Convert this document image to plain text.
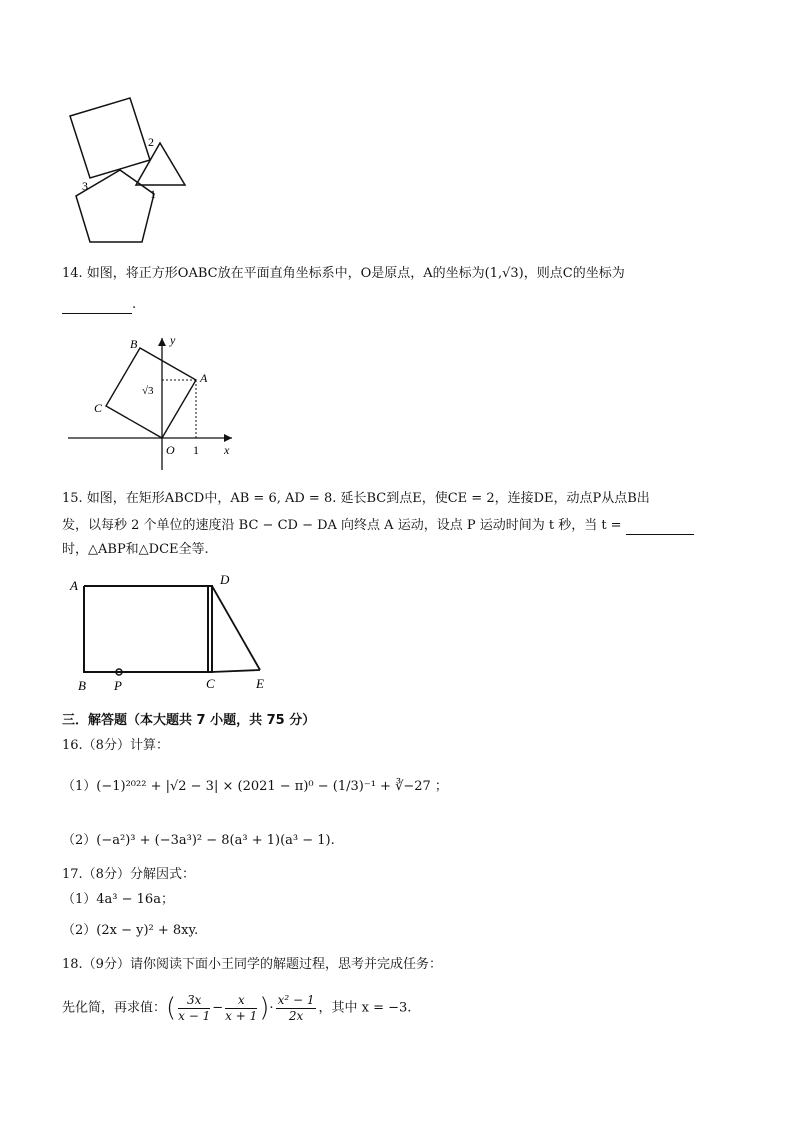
2
3
1
14. 如图，将正方形OABC放在平面直角坐标系中，O是原点，A的坐标为(1,√3)，则点C的坐标为
.
B	y
√3
A
C
O 1 x
15. 如图，在矩形ABCD中，AB = 6, AD = 8. 延长BC到点E，使CE = 2，连接DE，动点P从点B出
发，以每秒 2 个单位的速度沿 BC − CD − DA 向终点 A 运动，设点 P 运动时间为 t 秒，当 t =
时，△ABP和△DCE全等.
A	D
B P	C	E
三．解答题（本大题共 7 小题，共 75 分）
16.（8分）计算：
（1）(−1)²⁰²² + |√2 − 3| × (2021 − π)⁰ − (1/3)⁻¹ + ∛−27 ；
（2）(−a²)³ + (−3a³)² − 8(a³ + 1)(a³ − 1).
17.（8分）分解因式：
（1）4a³ − 16a；
（2）(2x − y)² + 8xy.
18.（9分）请你阅读下面小王同学的解题过程，思考并完成任务：
先化简，再求值：( $\frac{3x}{x - 1} - \frac{x}{x + 1}$ )· $\frac{\text{x² − 1}}{2x}$ ，其中 x = −3.
